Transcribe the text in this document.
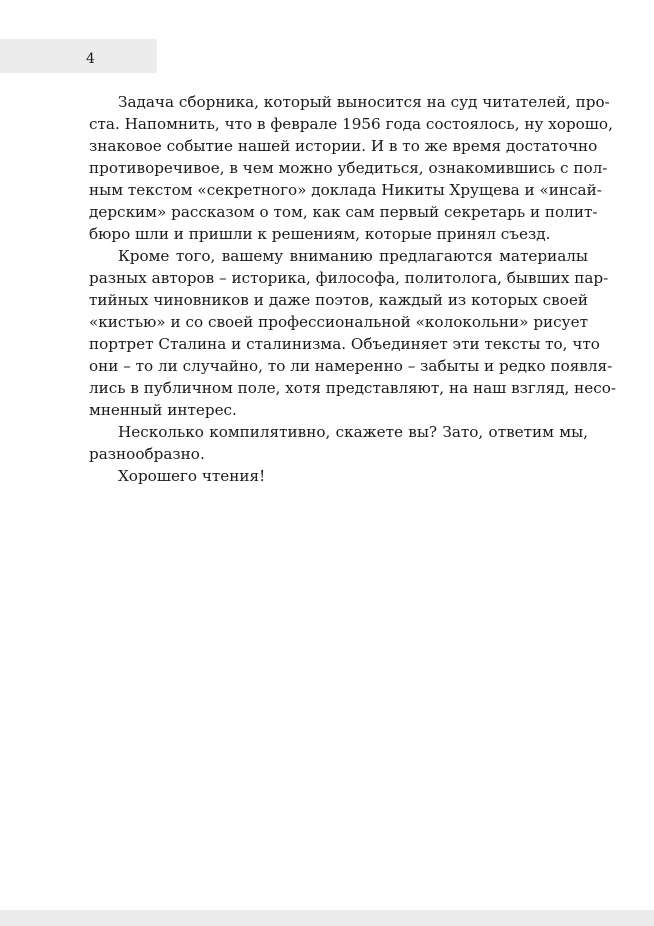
4
Задача сборника, который выносится на суд читателей, про-
ста. Напомнить, что в феврале 1956 года состоялось, ну хорошо,
знаковое событие нашей истории. И в то же время достаточно
противоречивое, в чем можно убедиться, ознакомившись с пол-
ным текстом «секретного» доклада Никиты Хрущева и «инсай-
дерским» рассказом о том, как сам первый секретарь и полит-
бюро шли и пришли к решениям, которые принял съезд.
Кроме того, вашему вниманию предлагаются материалы
разных авторов – историка, философа, политолога, бывших пар-
тийных чиновников и даже поэтов, каждый из которых своей
«кистью» и со своей профессиональной «колокольни» рисует
портрет Сталина и сталинизма. Объединяет эти тексты то, что
они – то ли случайно, то ли намеренно – забыты и редко появля-
лись в публичном поле, хотя представляют, на наш взгляд, несо-
мненный интерес.
Несколько компилятивно, скажете вы? Зато, ответим мы,
разнообразно.
Хорошего чтения!
